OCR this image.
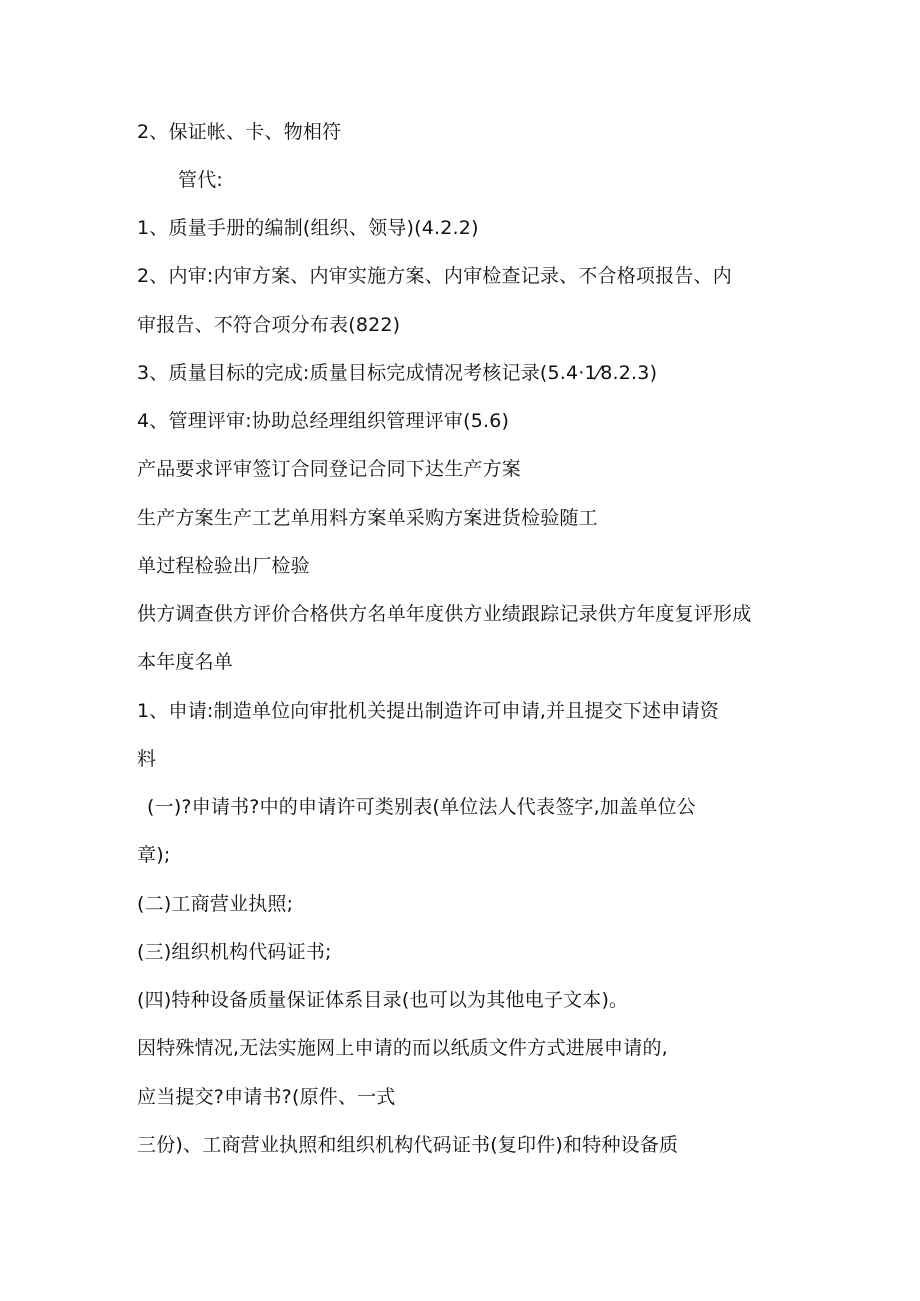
2、保证帐、卡、物相符
管代:
1、质量手册的编制(组织、领导)(4.2.2)
2、内审:内审方案、内审实施方案、内审检查记录、不合格项报告、内
审报告、不符合项分布表(822)
3、质量目标的完成:质量目标完成情况考核记录(5.4·1⁄8.2.3)
4、管理评审:协助总经理组织管理评审(5.6)
产品要求评审签订合同登记合同下达生产方案
生产方案生产工艺单用料方案单采购方案进货检验随工
单过程检验出厂检验
供方调查供方评价合格供方名单年度供方业绩跟踪记录供方年度复评形成
本年度名单
1、申请:制造单位向审批机关提出制造许可申请,并且提交下述申请资
料
(一)?申请书?中的申请许可类别表(单位法人代表签字,加盖单位公
章);
(二)工商营业执照;
(三)组织机构代码证书;
(四)特种设备质量保证体系目录(也可以为其他电子文本)。
因特殊情况,无法实施网上申请的而以纸质文件方式进展申请的,
应当提交?申请书?(原件、一式
三份)、工商营业执照和组织机构代码证书(复印件)和特种设备质
